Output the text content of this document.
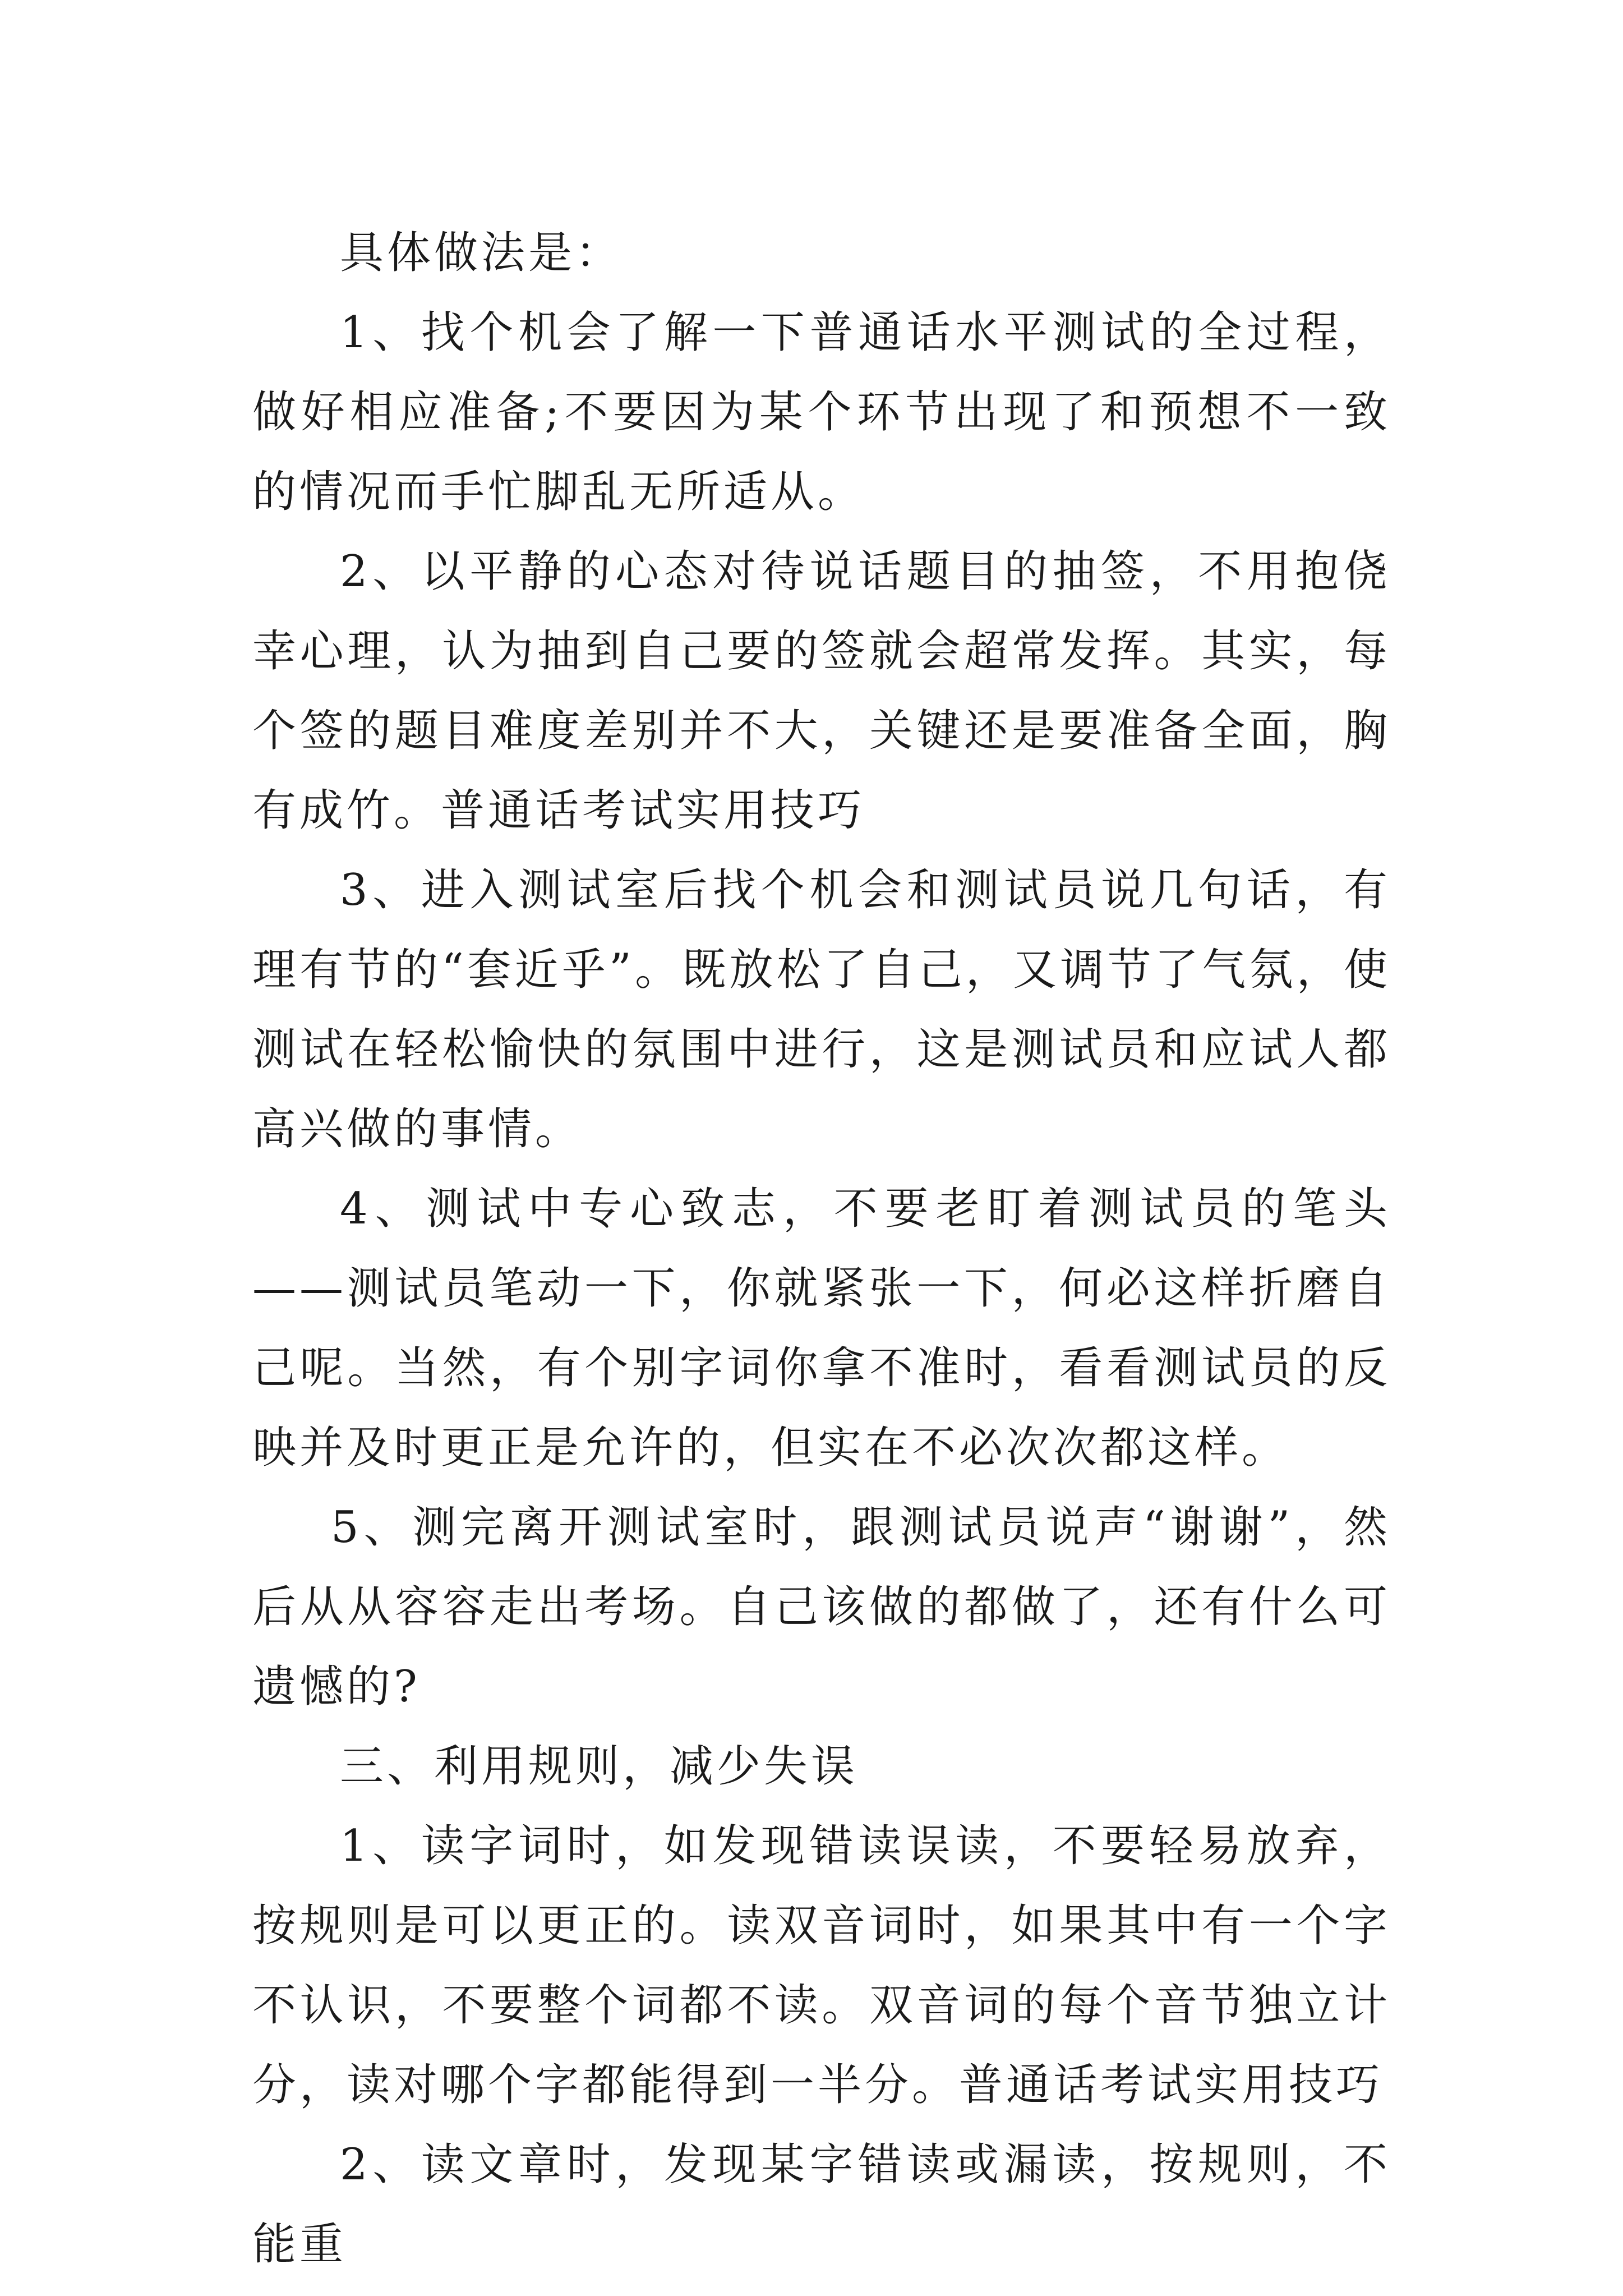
具体做法是：

1、找个机会了解一下普通话水平测试的全过程，做好相应准备;不要因为某个环节出现了和预想不一致的情况而手忙脚乱无所适从。

2、以平静的心态对待说话题目的抽签，不用抱侥幸心理，认为抽到自己要的签就会超常发挥。其实，每个签的题目难度差别并不大，关键还是要准备全面，胸有成竹。普通话考试实用技巧

3、进入测试室后找个机会和测试员说几句话，有理有节的“套近乎”。既放松了自己，又调节了气氛，使测试在轻松愉快的氛围中进行，这是测试员和应试人都高兴做的事情。

4、测试中专心致志，不要老盯着测试员的笔头——测试员笔动一下，你就紧张一下，何必这样折磨自己呢。当然，有个别字词你拿不准时，看看测试员的反映并及时更正是允许的，但实在不必次次都这样。

5、测完离开测试室时，跟测试员说声“谢谢”，然后从从容容走出考场。自己该做的都做了，还有什么可遗憾的?

三、利用规则，减少失误

1、读字词时，如发现错读误读，不要轻易放弃，按规则是可以更正的。读双音词时，如果其中有一个字不认识，不要整个词都不读。双音词的每个音节独立计分，读对哪个字都能得到一半分。普通话考试实用技巧

2、读文章时，发现某字错读或漏读，按规则，不能重
